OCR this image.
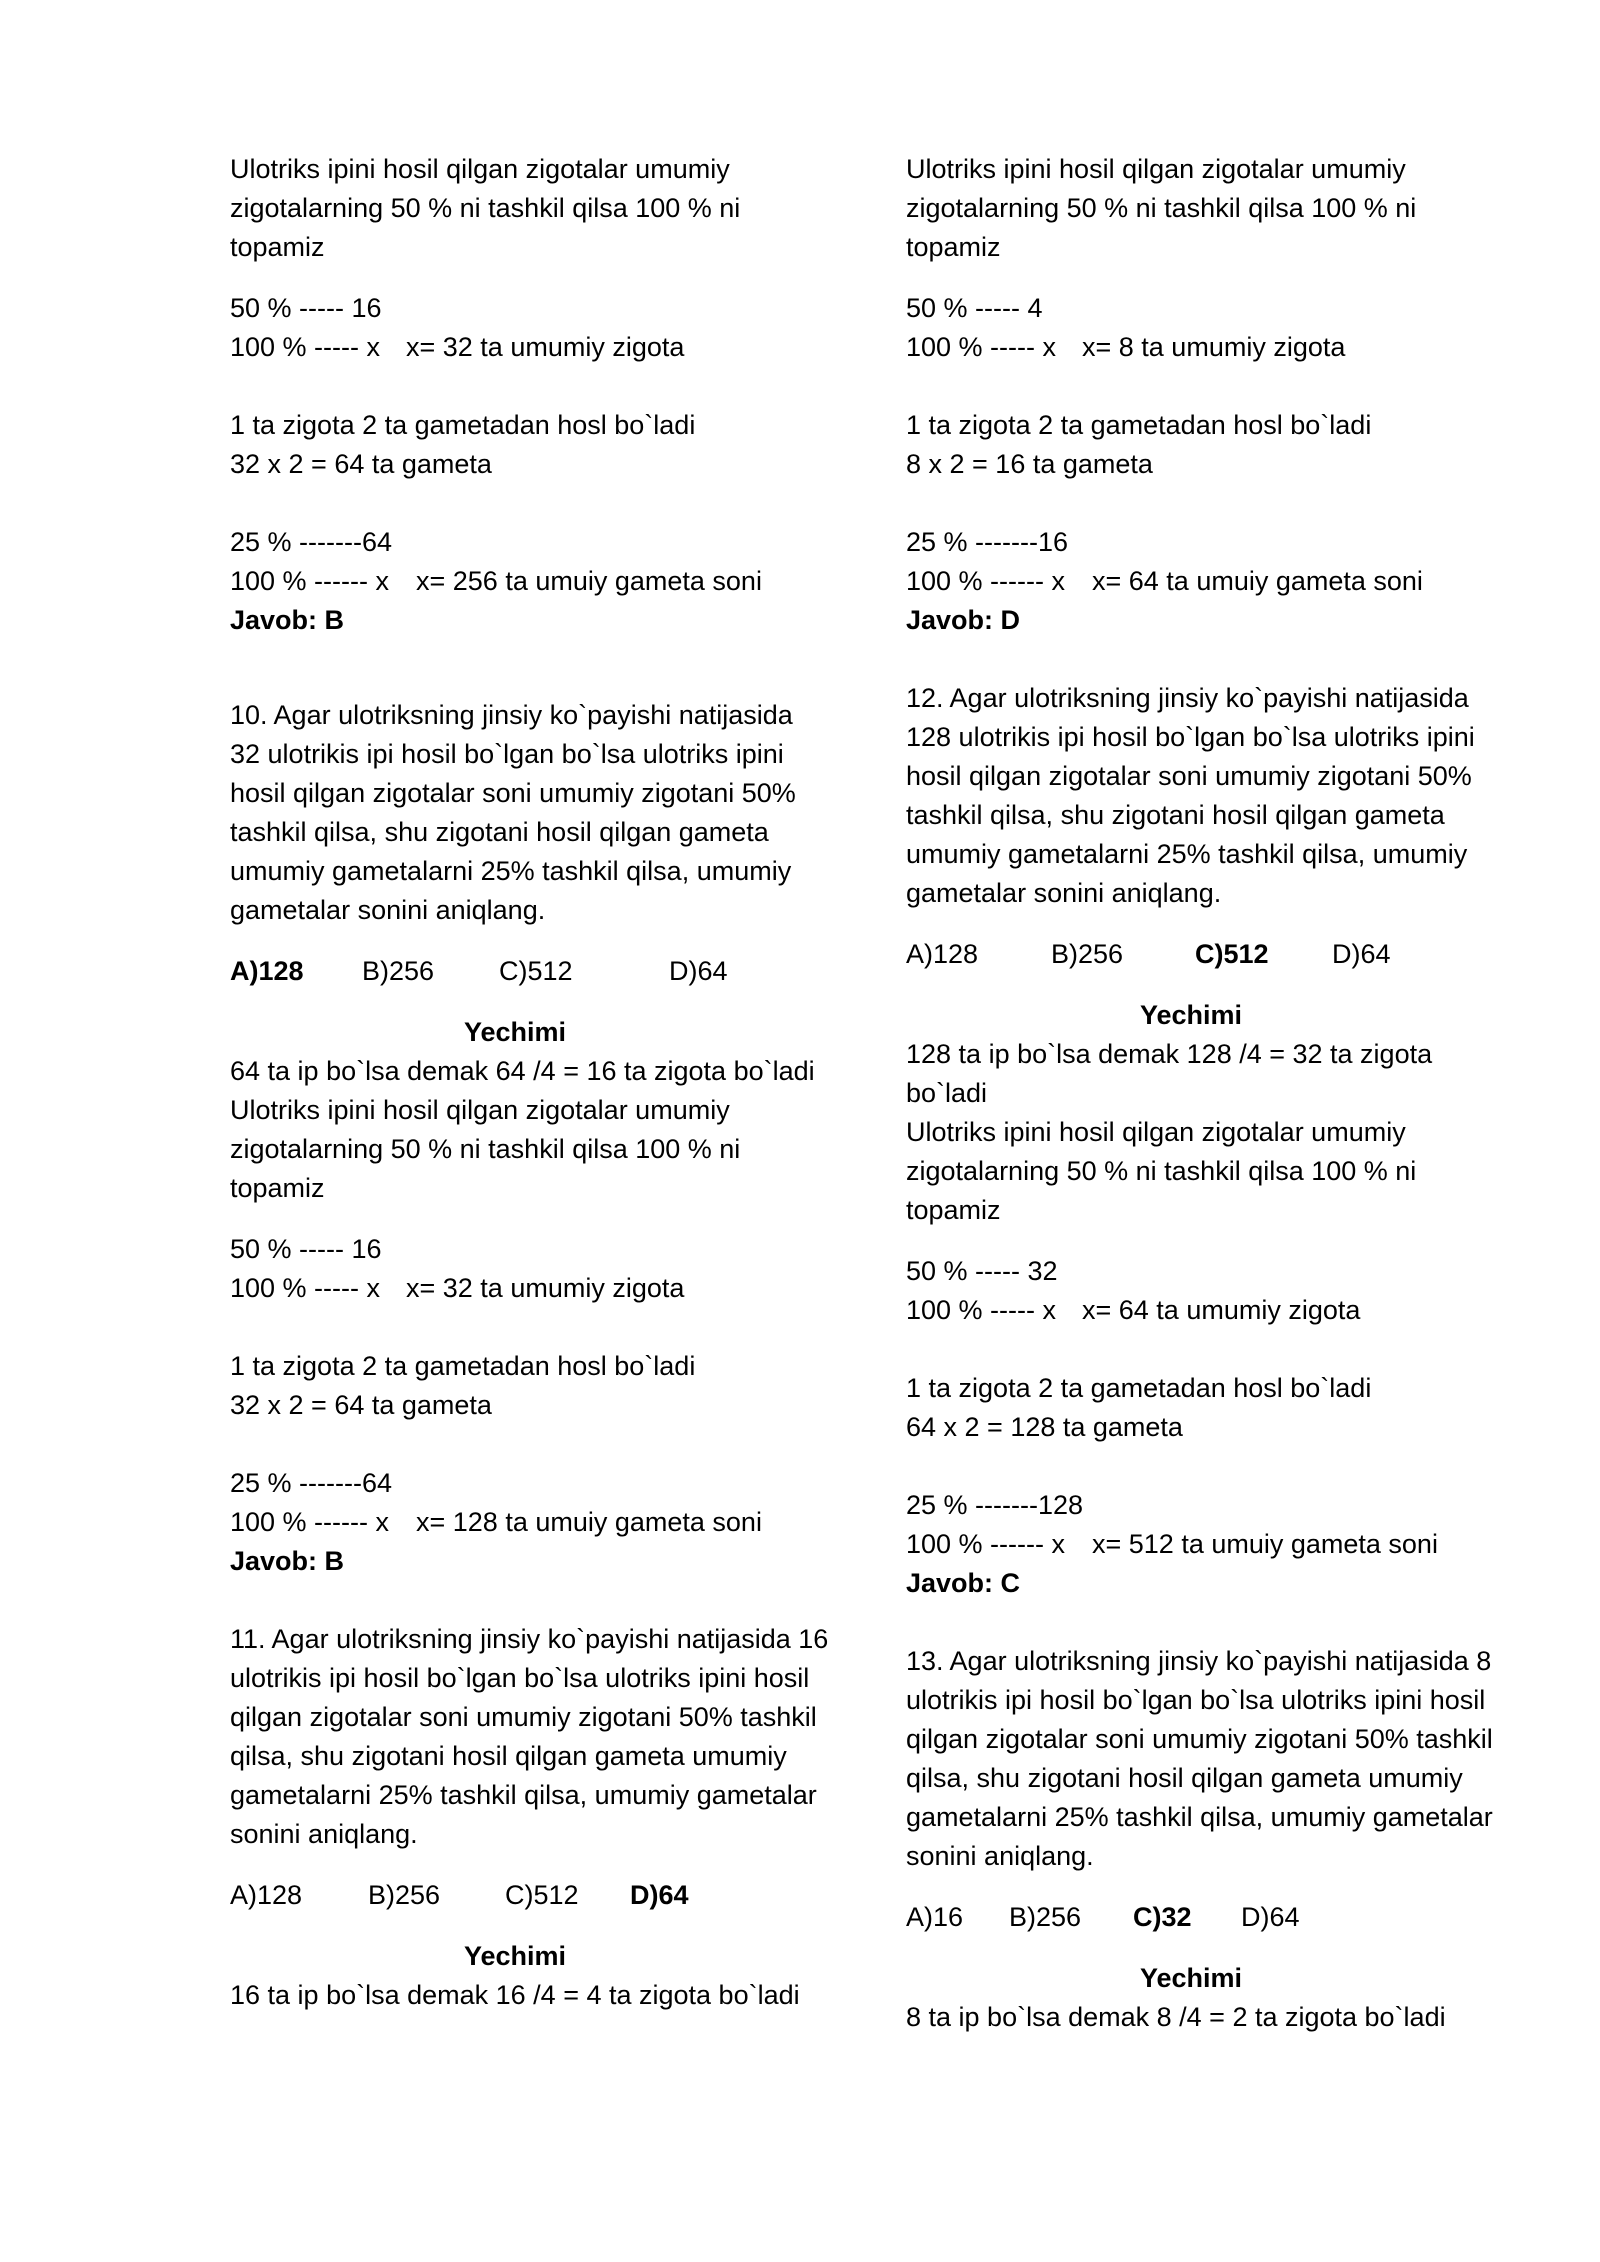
Ulotriks ipini hosil qilgan zigotalar umumiy zigotalarning 50 % ni tashkil qilsa 100 % ni topamiz

50 % ----- 16

100 % ----- x x= 32 ta umumiy zigota

1 ta zigota 2 ta gametadan hosl bo`ladi

32 x 2 = 64 ta gameta

25 % -------64

100 % ------ x x= 256 ta umuiy gameta soni

Javob: B

10. Agar ulotriksning jinsiy ko`payishi natijasida 32 ulotrikis ipi hosil bo`lgan bo`lsa ulotriks ipini hosil qilgan zigotalar soni umumiy zigotani 50% tashkil qilsa, shu zigotani hosil qilgan gameta umumiy gametalarni 25% tashkil qilsa, umumiy gametalar sonini aniqlang.

A)128	B)256	C)512	D)64

Yechimi

64 ta ip bo`lsa demak 64 /4 = 16 ta zigota bo`ladi

Ulotriks ipini hosil qilgan zigotalar umumiy zigotalarning 50 % ni tashkil qilsa 100 % ni topamiz

50 % ----- 16

100 % ----- x x= 32 ta umumiy zigota

1 ta zigota 2 ta gametadan hosl bo`ladi

32 x 2 = 64 ta gameta

25 % -------64

100 % ------ x x= 128 ta umuiy gameta soni

Javob: B

11. Agar ulotriksning jinsiy ko`payishi natijasida 16 ulotrikis ipi hosil bo`lgan bo`lsa ulotriks ipini hosil qilgan zigotalar soni umumiy zigotani 50% tashkil qilsa, shu zigotani hosil qilgan gameta umumiy gametalarni 25% tashkil qilsa, umumiy gametalar sonini aniqlang.

A)128	B)256	C)512	D)64

Yechimi

16 ta ip bo`lsa demak 16 /4 = 4 ta zigota bo`ladi

Ulotriks ipini hosil qilgan zigotalar umumiy zigotalarning 50 % ni tashkil qilsa 100 % ni topamiz

50 % ----- 4

100 % ----- x x= 8 ta umumiy zigota

1 ta zigota 2 ta gametadan hosl bo`ladi

8 x 2 = 16 ta gameta

25 % -------16

100 % ------ x x= 64 ta umuiy gameta soni

Javob: D

12. Agar ulotriksning jinsiy ko`payishi natijasida 128 ulotrikis ipi hosil bo`lgan bo`lsa ulotriks ipini hosil qilgan zigotalar soni umumiy zigotani 50% tashkil qilsa, shu zigotani hosil qilgan gameta umumiy gametalarni 25% tashkil qilsa, umumiy gametalar sonini aniqlang.

A)128	B)256	C)512	D)64

Yechimi

128 ta ip bo`lsa demak 128 /4 = 32 ta zigota bo`ladi

Ulotriks ipini hosil qilgan zigotalar umumiy zigotalarning 50 % ni tashkil qilsa 100 % ni topamiz

50 % ----- 32

100 % ----- x x= 64 ta umumiy zigota

1 ta zigota 2 ta gametadan hosl bo`ladi

64 x 2 = 128 ta gameta

25 % -------128

100 % ------ x x= 512 ta umuiy gameta soni

Javob: C

13. Agar ulotriksning jinsiy ko`payishi natijasida 8 ulotrikis ipi hosil bo`lgan bo`lsa ulotriks ipini hosil qilgan zigotalar soni umumiy zigotani 50% tashkil qilsa, shu zigotani hosil qilgan gameta umumiy gametalarni 25% tashkil qilsa, umumiy gametalar sonini aniqlang.

A)16	B)256	C)32	D)64

Yechimi

8 ta ip bo`lsa demak 8 /4 = 2 ta zigota bo`ladi
